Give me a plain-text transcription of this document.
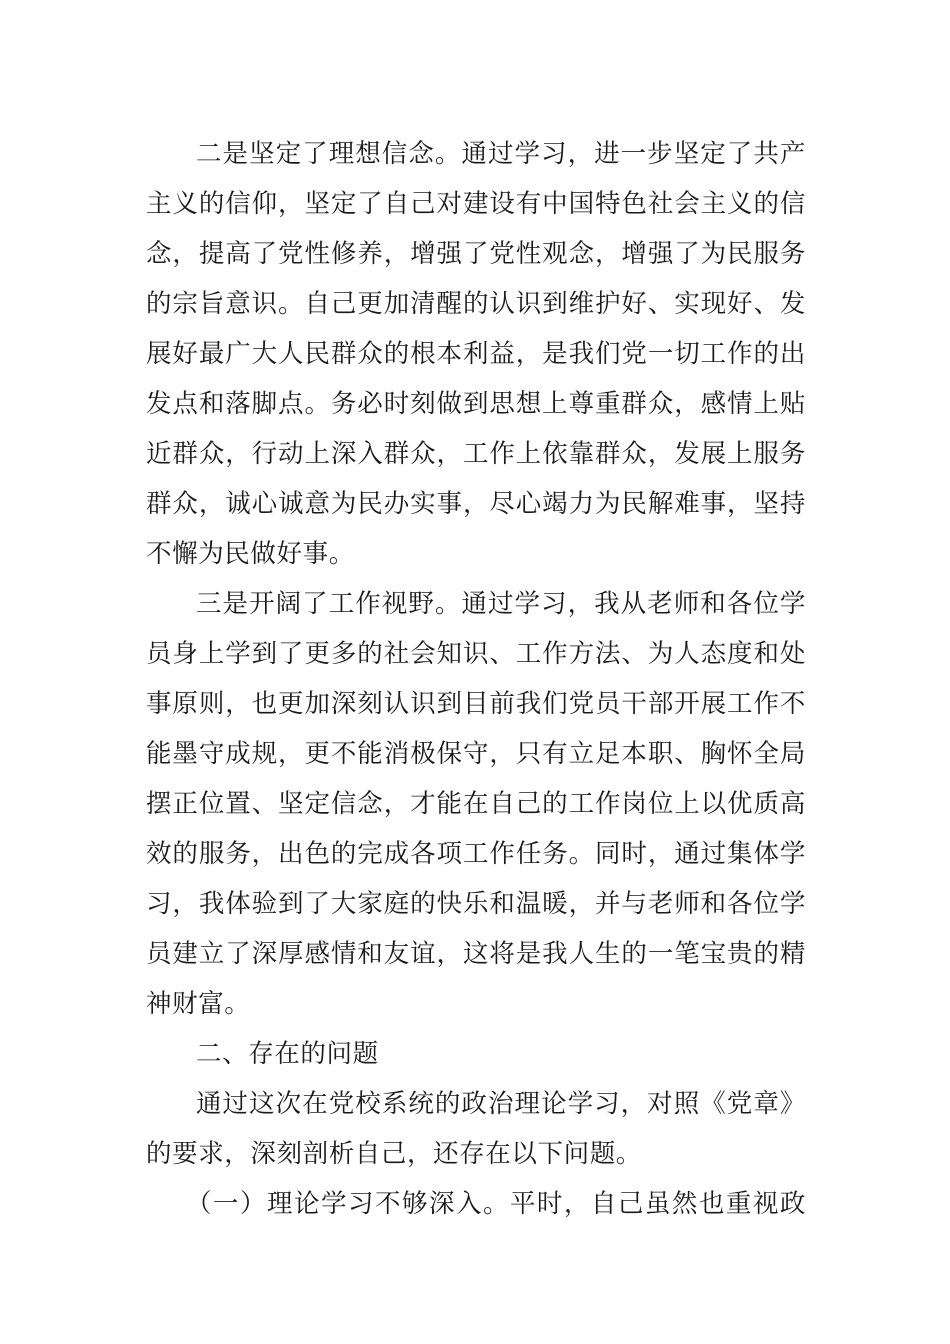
二是坚定了理想信念。通过学习，进一步坚定了共产
主义的信仰，坚定了自己对建设有中国特色社会主义的信
念，提高了党性修养，增强了党性观念，增强了为民服务
的宗旨意识。自己更加清醒的认识到维护好、实现好、发
展好最广大人民群众的根本利益，是我们党一切工作的出
发点和落脚点。务必时刻做到思想上尊重群众，感情上贴
近群众，行动上深入群众，工作上依靠群众，发展上服务
群众，诚心诚意为民办实事，尽心竭力为民解难事，坚持
不懈为民做好事。
三是开阔了工作视野。通过学习，我从老师和各位学
员身上学到了更多的社会知识、工作方法、为人态度和处
事原则，也更加深刻认识到目前我们党员干部开展工作不
能墨守成规，更不能消极保守，只有立足本职、胸怀全局
摆正位置、坚定信念，才能在自己的工作岗位上以优质高
效的服务，出色的完成各项工作任务。同时，通过集体学
习，我体验到了大家庭的快乐和温暖，并与老师和各位学
员建立了深厚感情和友谊，这将是我人生的一笔宝贵的精
神财富。
二、存在的问题
通过这次在党校系统的政治理论学习，对照《党章》
的要求，深刻剖析自己，还存在以下问题。
（一）理论学习不够深入。平时，自己虽然也重视政
